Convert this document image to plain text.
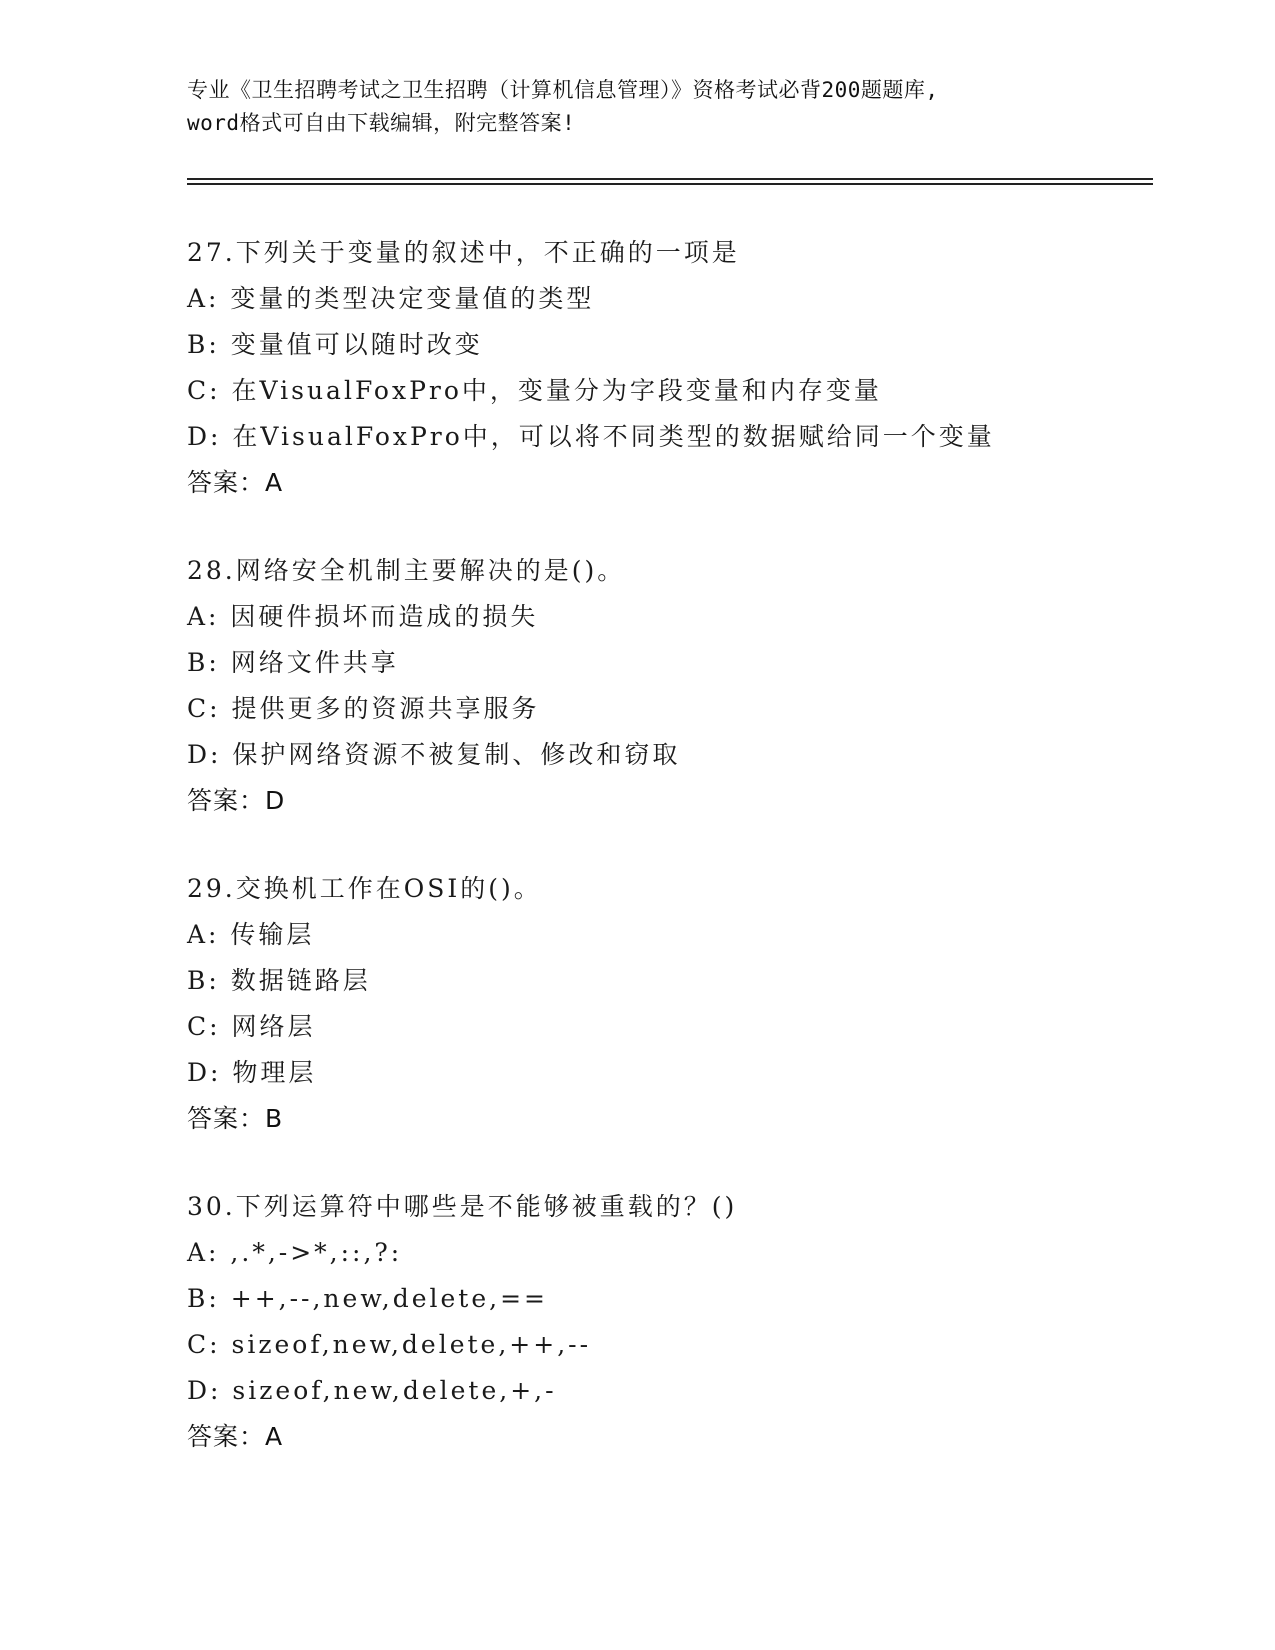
专业《卫生招聘考试之卫生招聘（计算机信息管理）》资格考试必背200题题库,
word格式可自由下载编辑，附完整答案!
27.下列关于变量的叙述中，不正确的一项是
A: 变量的类型决定变量值的类型
B: 变量值可以随时改变
C: 在VisualFoxPro中，变量分为字段变量和内存变量
D: 在VisualFoxPro中，可以将不同类型的数据赋给同一个变量
答案：A
28.网络安全机制主要解决的是()。
A: 因硬件损坏而造成的损失
B: 网络文件共享
C: 提供更多的资源共享服务
D: 保护网络资源不被复制、修改和窃取
答案：D
29.交换机工作在OSI的()。
A: 传输层
B: 数据链路层
C: 网络层
D: 物理层
答案：B
30.下列运算符中哪些是不能够被重载的？()
A: ,.*,->*,::,?:
B: ++,--,new,delete,==
C: sizeof,new,delete,++,--
D: sizeof,new,delete,+,-
答案：A
